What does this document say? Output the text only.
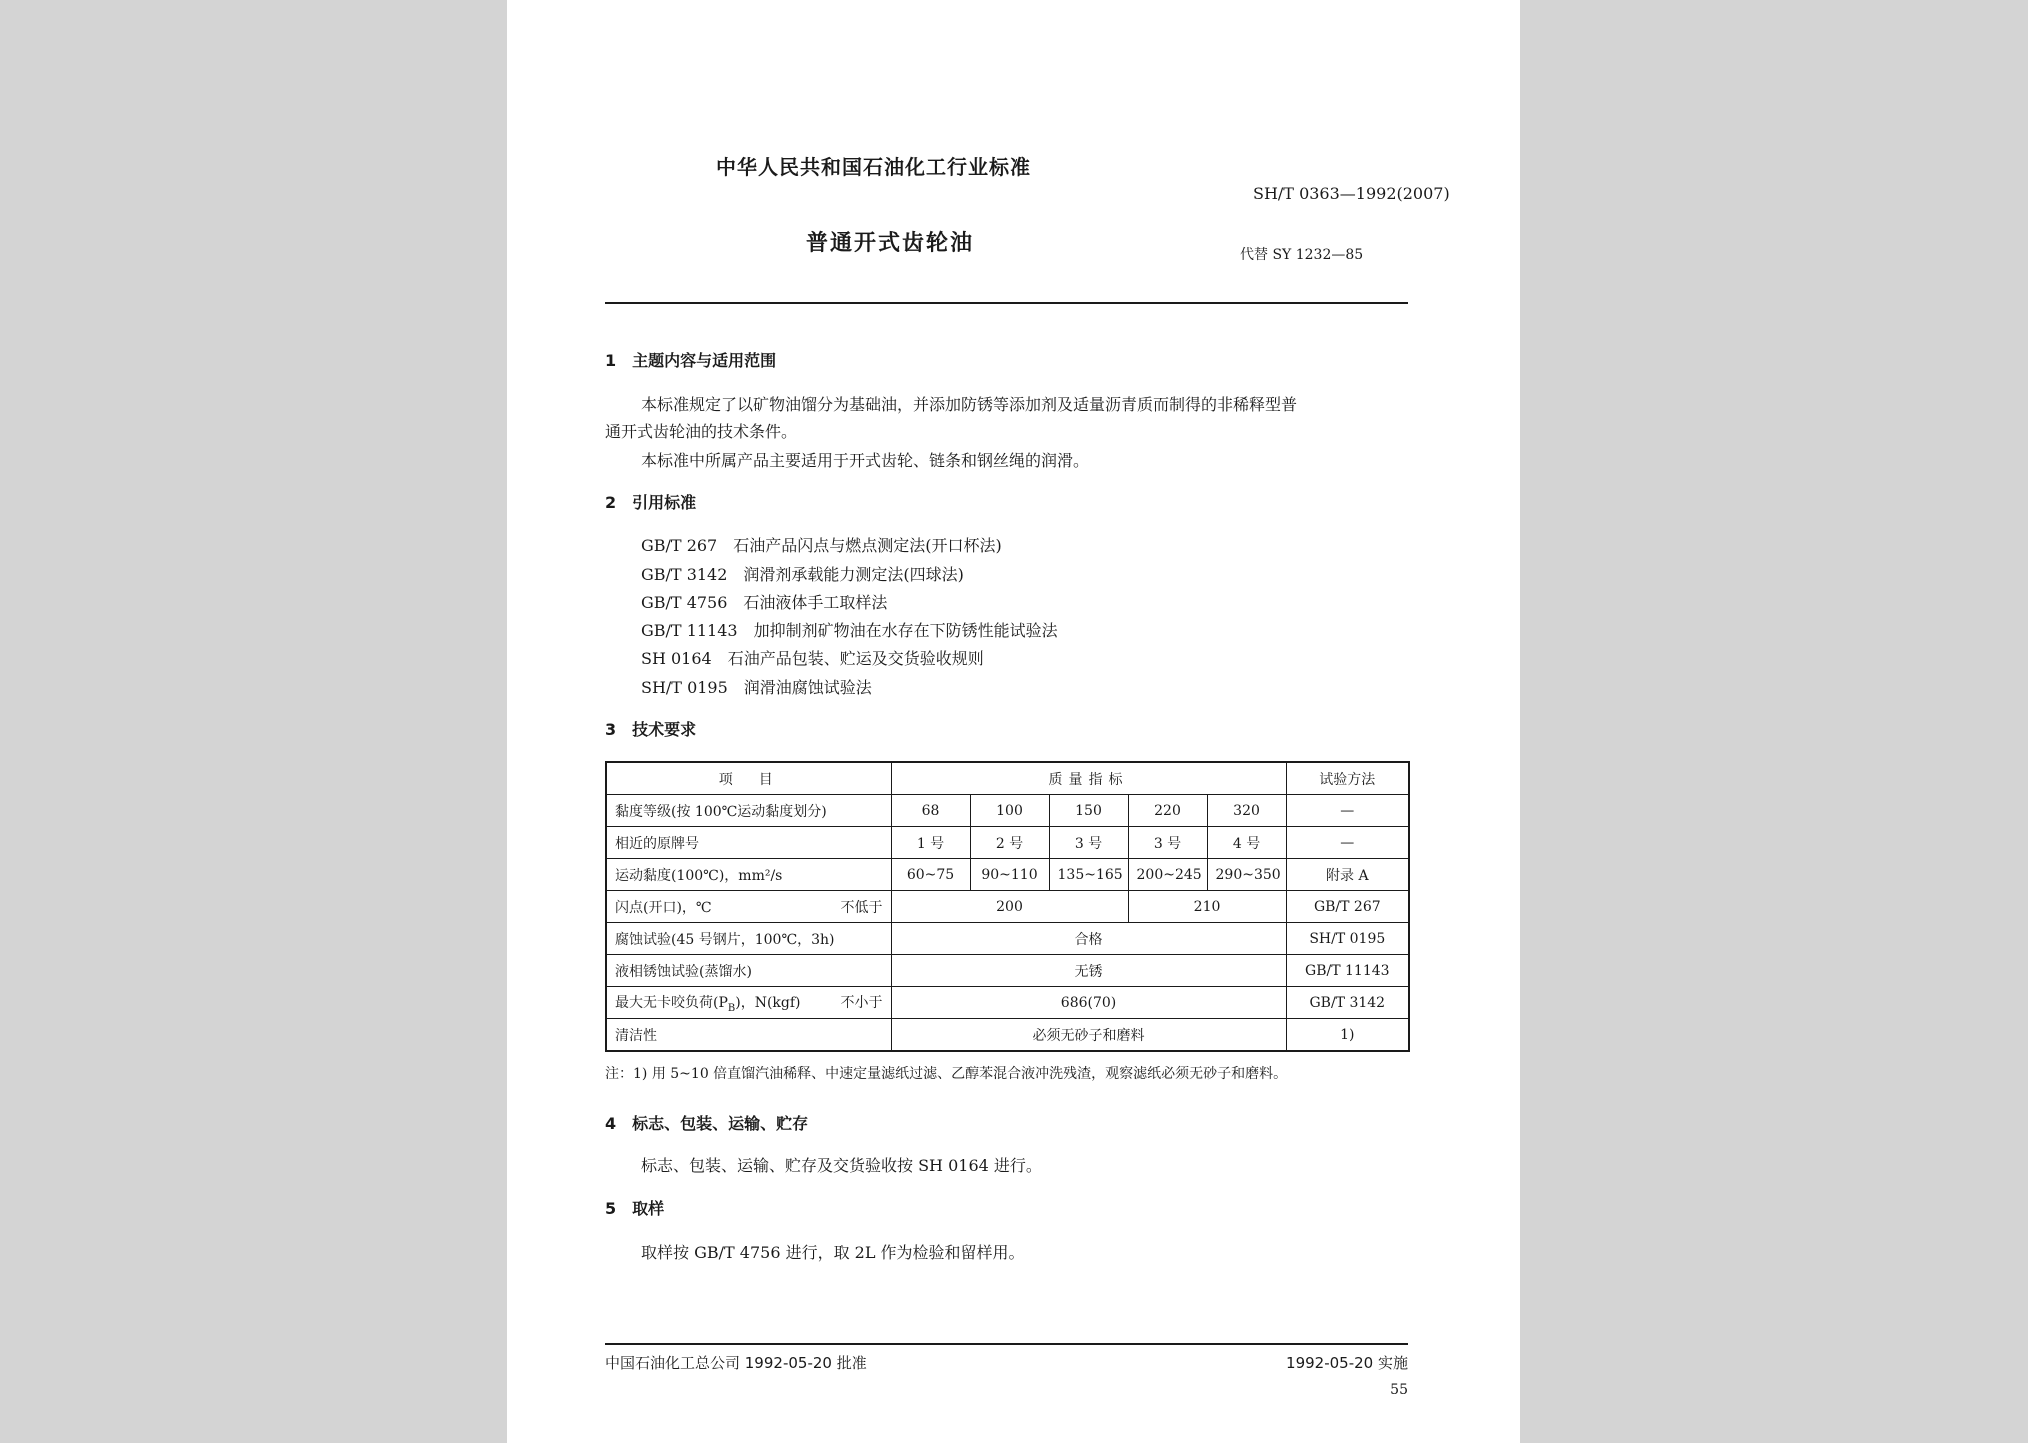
中华人民共和国石油化工行业标准
SH/T 0363—1992(2007)
普通开式齿轮油	代替 SY 1232—85
1　主题内容与适用范围
本标准规定了以矿物油馏分为基础油，并添加防锈等添加剂及适量沥青质而制得的非稀释型普
通开式齿轮油的技术条件。
本标准中所属产品主要适用于开式齿轮、链条和钢丝绳的润滑。
2　引用标准
GB/T 267　石油产品闪点与燃点测定法(开口杯法)
GB/T 3142　润滑剂承载能力测定法(四球法)
GB/T 4756　石油液体手工取样法
GB/T 11143　加抑制剂矿物油在水存在下防锈性能试验法
SH 0164　石油产品包装、贮运及交货验收规则
SH/T 0195　润滑油腐蚀试验法
3　技术要求
项　目	质量指标					试验方法
黏度等级(按 100℃运动黏度划分)	68	100	150	220	320	—
相近的原牌号	1 号	2 号	3 号	3 号	4 号	—
运动黏度(100℃)，mm²/s	60~75	90~110	135~165	200~245	290~350	附录 A

闪点(开口)，℃ 不低于	200			210		GB/T 267
腐蚀试验(45 号钢片，100℃，3h)	合格					SH/T 0195
液相锈蚀试验(蒸馏水)	无锈					GB/T 11143

最大无卡咬负荷$(P_B)$，N(kgf) 不小于	686(70)					GB/T 3142
清洁性	必须无砂子和磨料					1)
注：1) 用 5~10 倍直馏汽油稀释、中速定量滤纸过滤、乙醇苯混合液冲洗残渣，观察滤纸必须无砂子和磨料。
4　标志、包装、运输、贮存
标志、包装、运输、贮存及交货验收按 SH 0164 进行。
5　取样
取样按 GB/T 4756 进行，取 2L 作为检验和留样用。
中国石油化工总公司 1992-05-20 批准	1992-05-20 实施
55
